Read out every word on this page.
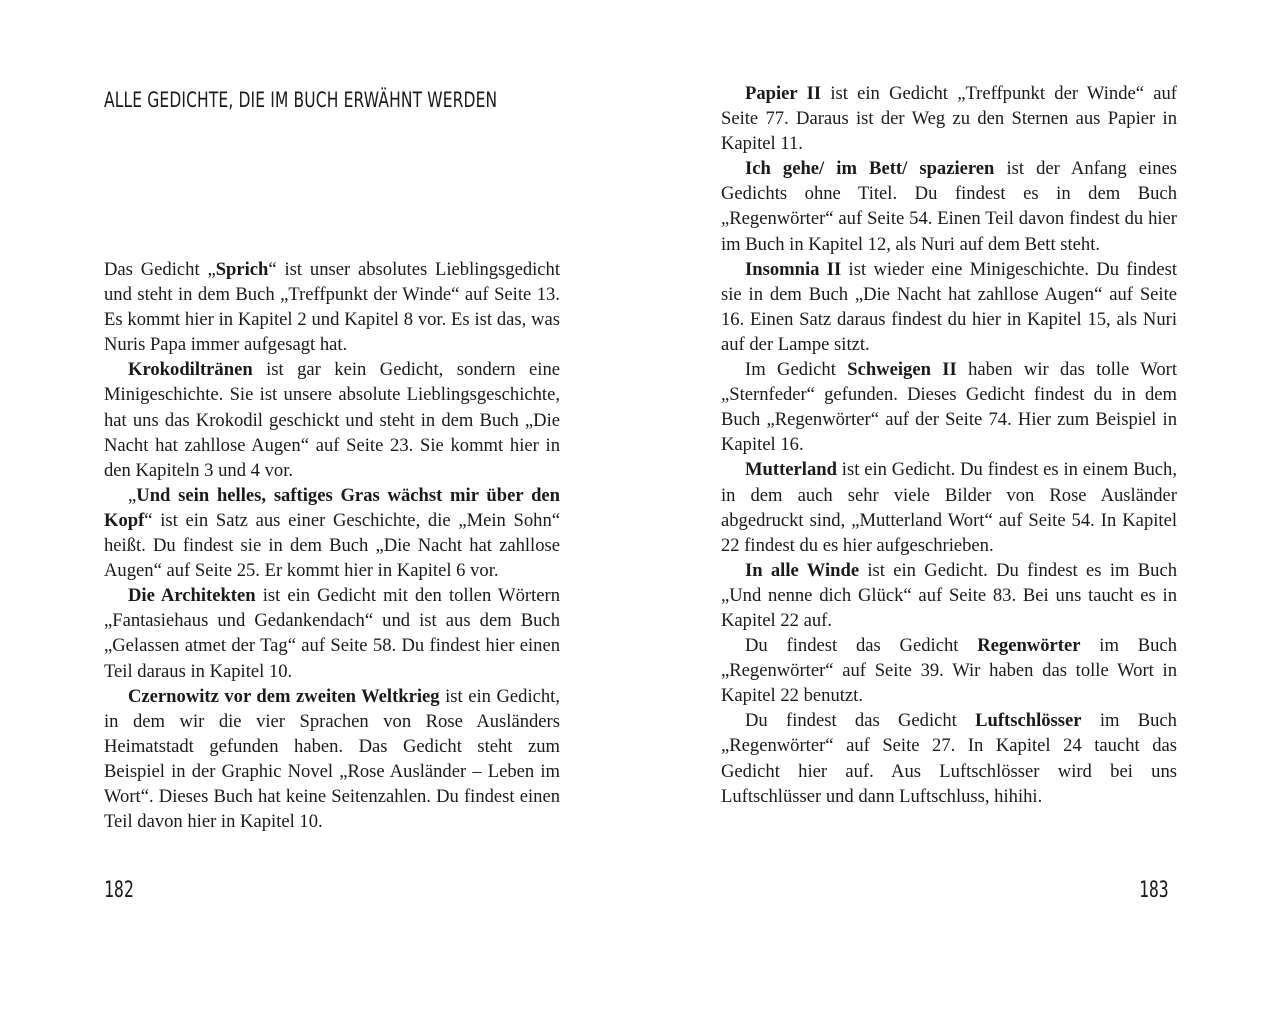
ALLE GEDICHTE, DIE IM BUCH ERWÄHNT WERDEN

Das Gedicht „Sprich“ ist unser absolutes Lieblingsgedicht und steht in dem Buch „Treffpunkt der Winde“ auf Seite 13. Es kommt hier in Kapitel 2 und Kapitel 8 vor. Es ist das, was Nuris Papa immer aufgesagt hat.

Krokodiltränen ist gar kein Gedicht, sondern eine Minigeschichte. Sie ist unsere absolute Lieblingsgeschichte, hat uns das Krokodil geschickt und steht in dem Buch „Die Nacht hat zahllose Augen“ auf Seite 23. Sie kommt hier in den Kapiteln 3 und 4 vor.

„Und sein helles, saftiges Gras wächst mir über den Kopf“ ist ein Satz aus einer Geschichte, die „Mein Sohn“ heißt. Du findest sie in dem Buch „Die Nacht hat zahllose Augen“ auf Seite 25. Er kommt hier in Kapitel 6 vor.

Die Architekten ist ein Gedicht mit den tollen Wörtern „Fantasiehaus und Gedankendach“ und ist aus dem Buch „Gelassen atmet der Tag“ auf Seite 58. Du findest hier einen Teil daraus in Kapitel 10.

Czernowitz vor dem zweiten Weltkrieg ist ein Gedicht, in dem wir die vier Sprachen von Rose Ausländers Heimatstadt gefunden haben. Das Gedicht steht zum Beispiel in der Graphic Novel „Rose Ausländer – Leben im Wort“. Dieses Buch hat keine Seitenzahlen. Du findest einen Teil davon hier in Kapitel 10.

182

Papier II ist ein Gedicht „Treffpunkt der Winde“ auf Seite 77. Daraus ist der Weg zu den Sternen aus Papier in Kapitel 11.

Ich gehe/ im Bett/ spazieren ist der Anfang eines Gedichts ohne Titel. Du findest es in dem Buch „Regenwörter“ auf Seite 54. Einen Teil davon findest du hier im Buch in Kapitel 12, als Nuri auf dem Bett steht.

Insomnia II ist wieder eine Minigeschichte. Du findest sie in dem Buch „Die Nacht hat zahllose Augen“ auf Seite 16. Einen Satz daraus findest du hier in Kapitel 15, als Nuri auf der Lampe sitzt.

Im Gedicht Schweigen II haben wir das tolle Wort „Sternfeder“ gefunden. Dieses Gedicht findest du in dem Buch „Regenwörter“ auf der Seite 74. Hier zum Beispiel in Kapitel 16.

Mutterland ist ein Gedicht. Du findest es in einem Buch, in dem auch sehr viele Bilder von Rose Ausländer abgedruckt sind, „Mutterland Wort“ auf Seite 54. In Kapitel 22 findest du es hier aufgeschrieben.

In alle Winde ist ein Gedicht. Du findest es im Buch „Und nenne dich Glück“ auf Seite 83. Bei uns taucht es in Kapitel 22 auf.

Du findest das Gedicht Regenwörter im Buch „Regenwörter“ auf Seite 39. Wir haben das tolle Wort in Kapitel 22 benutzt.

Du findest das Gedicht Luftschlösser im Buch „Regenwörter“ auf Seite 27. In Kapitel 24 taucht das Gedicht hier auf. Aus Luftschlösser wird bei uns Luftschlüsser und dann Luftschluss, hihihi.

183
